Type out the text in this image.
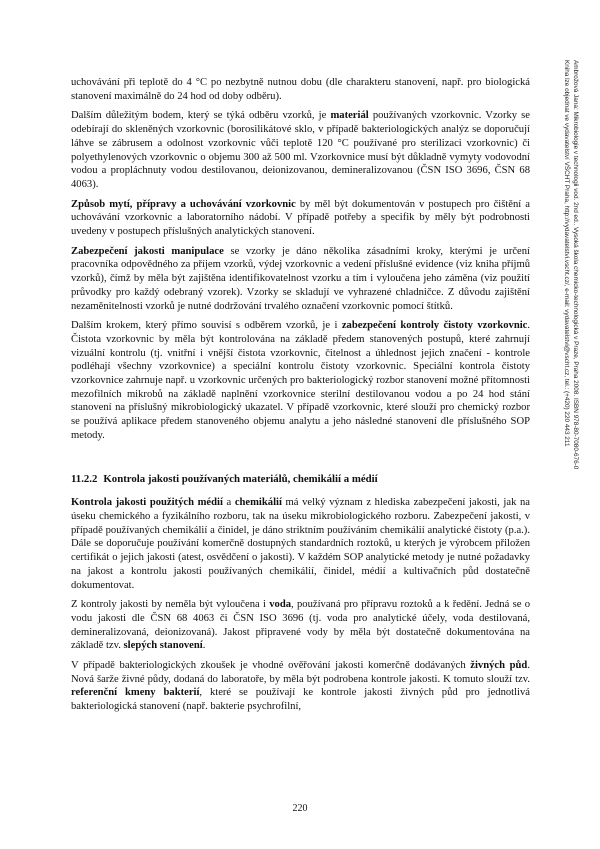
Ambrožová Jana: Mikrobiologie v technologii vod. 2nd ed.. Vysoká škola chemicko-technologická v Praze, Praha 2008. ISBN 978-80-7080-676-0
Kniha lze objednat ve vydavatelství VŠCHT Praha, http://vydavatelstvi.vscht.cz/, e-mail: vydavatelstvi@vscht.cz, tel.: (+420) 220 443 211

uchovávání při teplotě do 4 °C po nezbytně nutnou dobu (dle charakteru stanovení, např. pro biologická stanovení maximálně do 24 hod od doby odběru).

Dalším důležitým bodem, který se týká odběru vzorků, je materiál používaných vzorkovnic. Vzorky se odebírají do skleněných vzorkovnic (borosilikátové sklo, v případě bakteriologických analýz se doporučují láhve se zábrusem a odolnost vzorkovnic vůči teplotě 120 °C používané pro sterilizaci vzorkovnic) či polyethylenových vzorkovnic o objemu 300 až 500 ml. Vzorkovnice musí být důkladně vymyty vodovodní vodou a propláchnuty vodou destilovanou, deionizovanou, demineralizovanou (ČSN ISO 3696, ČSN 68 4063).

Způsob mytí, přípravy a uchovávání vzorkovnic by měl být dokumentován v postupech pro čištění a uchovávání vzorkovnic a laboratorního nádobí. V případě potřeby a specifik by měly být podrobnosti uvedeny v postupech příslušných analytických stanovení.

Zabezpečení jakosti manipulace se vzorky je dáno několika zásadními kroky, kterými je určení pracovníka odpovědného za příjem vzorků, výdej vzorkovnic a vedení příslušné evidence (viz kniha příjmů vzorků), čímž by měla být zajištěna identifikovatelnost vzorku a tím i vyloučena jeho záměna (viz použití průvodky pro každý odebraný vzorek). Vzorky se skladují ve vyhrazené chladničce. Z důvodu zajištění nezaměnitelnosti vzorků je nutné dodržování trvalého označení vzorkovnic pomocí štítků.

Dalším krokem, který přímo souvisí s odběrem vzorků, je i zabezpečení kontroly čistoty vzorkovnic. Čistota vzorkovnic by měla být kontrolována na základě předem stanovených postupů, které zahrnují vizuální kontrolu (tj. vnitřní i vnější čistota vzorkovnic, čitelnost a úhlednost jejich značení - kontrole podléhají všechny vzorkovnice) a speciální kontrolu čistoty vzorkovnic. Speciální kontrola čistoty vzorkovnice zahrnuje např. u vzorkovnic určených pro bakteriologický rozbor stanovení možné přítomnosti mezofilních mikrobů na základě naplnění vzorkovnice sterilní destilovanou vodou a po 24 hod stání stanovení na příslušný mikrobiologický ukazatel. V případě vzorkovnic, které slouží pro chemický rozbor se používá aplikace předem stanoveného objemu analytu a jeho následné stanovení dle příslušného SOP metody.

11.2.2 Kontrola jakosti používaných materiálů, chemikálií a médií

Kontrola jakosti použitých médií a chemikálií má velký význam z hlediska zabezpečení jakosti, jak na úseku chemického a fyzikálního rozboru, tak na úseku mikrobiologického rozboru. Zabezpečení jakosti, v případě používaných chemikálií a činidel, je dáno striktním používáním chemikálií analytické čistoty (p.a.). Dále se doporučuje používání komerčně dostupných standardních roztoků, u kterých je výrobcem přiložen certifikát o jejich jakosti (atest, osvědčení o jakosti). V každém SOP analytické metody je nutné požadavky na jakost a kontrolu jakosti používaných chemikálií, činidel, médií a kultivačních půd dostatečně dokumentovat.

Z kontroly jakosti by neměla být vyloučena i voda, používaná pro přípravu roztoků a k ředění. Jedná se o vodu jakosti dle ČSN 68 4063 či ČSN ISO 3696 (tj. voda pro analytické účely, voda destilovaná, demineralizovaná, deionizovaná). Jakost připravené vody by měla být dostatečně dokumentována na základě tzv. slepých stanovení.

V případě bakteriologických zkoušek je vhodné ověřování jakosti komerčně dodávaných živných půd. Nová šarže živné půdy, dodaná do laboratoře, by měla být podrobena kontrole jakosti. K tomuto slouží tzv. referenční kmeny bakterií, které se používají ke kontrole jakosti živných půd pro jednotlivá bakteriologická stanovení (např. bakterie psychrofilní,

220
